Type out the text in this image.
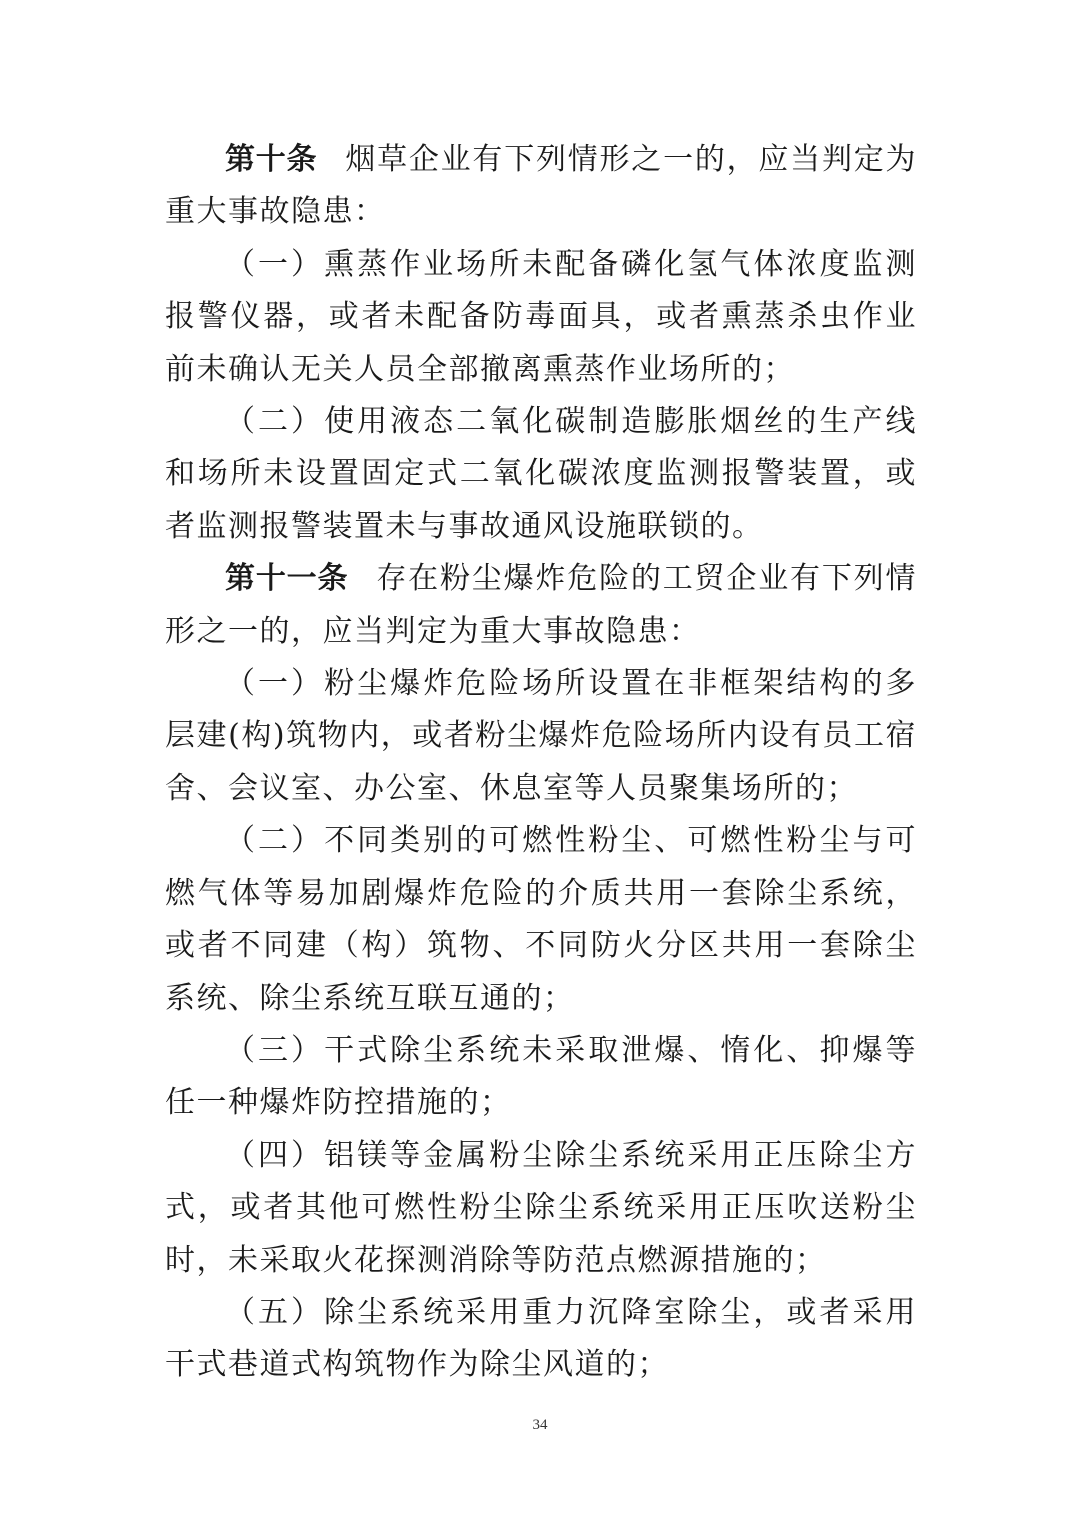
第十条 烟草企业有下列情形之一的，应当判定为重大事故隐患：

（一）熏蒸作业场所未配备磷化氢气体浓度监测报警仪器，或者未配备防毒面具，或者熏蒸杀虫作业前未确认无关人员全部撤离熏蒸作业场所的；

（二）使用液态二氧化碳制造膨胀烟丝的生产线和场所未设置固定式二氧化碳浓度监测报警装置，或者监测报警装置未与事故通风设施联锁的。

第十一条 存在粉尘爆炸危险的工贸企业有下列情形之一的，应当判定为重大事故隐患：

（一）粉尘爆炸危险场所设置在非框架结构的多层建(构)筑物内，或者粉尘爆炸危险场所内设有员工宿舍、会议室、办公室、休息室等人员聚集场所的；

（二）不同类别的可燃性粉尘、可燃性粉尘与可燃气体等易加剧爆炸危险的介质共用一套除尘系统，或者不同建（构）筑物、不同防火分区共用一套除尘系统、除尘系统互联互通的；

（三）干式除尘系统未采取泄爆、惰化、抑爆等任一种爆炸防控措施的；

（四）铝镁等金属粉尘除尘系统采用正压除尘方式，或者其他可燃性粉尘除尘系统采用正压吹送粉尘时，未采取火花探测消除等防范点燃源措施的；

（五）除尘系统采用重力沉降室除尘，或者采用干式巷道式构筑物作为除尘风道的；

34
